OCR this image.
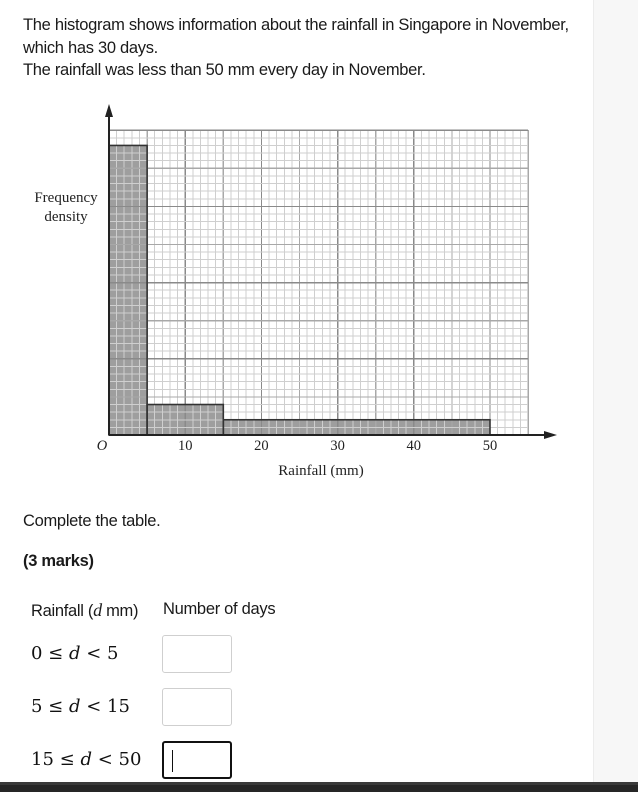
The histogram shows information about the rainfall in Singapore in November, which has 30 days.

The rainfall was less than 50 mm every day in November.

Frequency density
O	10	20	30	40	50
Rainfall (mm)
Complete the table.
(3 marks)
Rainfall (d mm) Number of days
0 ≤ d < 5
5 ≤ d < 15
15 ≤ d < 50
